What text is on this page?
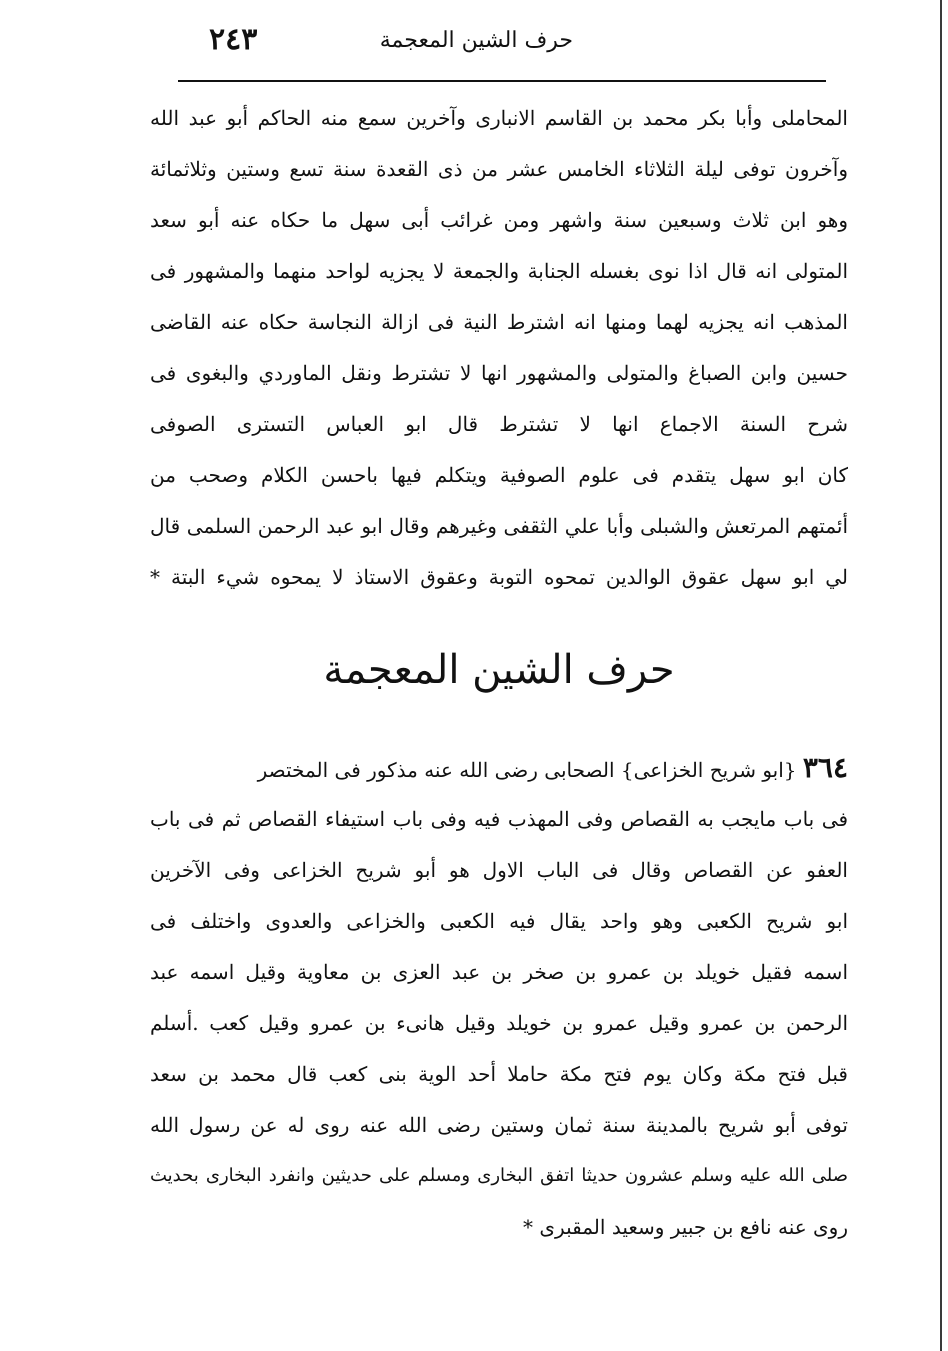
٢٤٣	حرف الشين المعجمة
المحاملى وأبا بكر محمد بن القاسم الانبارى وآخرين سمع منه الحاكم أبو عبد الله
وآخرون توفى ليلة الثلاثاء الخامس عشر من ذى القعدة سنة تسع وستين وثلاثمائة
وهو ابن ثلاث وسبعين سنة واشهر ومن غرائب أبى سهل ما حكاه عنه أبو سعد
المتولى انه قال اذا نوى بغسله الجنابة والجمعة لا يجزيه لواحد منهما والمشهور فى
المذهب انه يجزيه لهما ومنها انه اشترط النية فى ازالة النجاسة حكاه عنه القاضى
حسين وابن الصباغ والمتولى والمشهور انها لا تشترط ونقل الماوردي والبغوى فى
شرح السنة الاجماع انها لا تشترط قال ابو العباس التسترى الصوفى
كان ابو سهل يتقدم فى علوم الصوفية ويتكلم فيها باحسن الكلام وصحب من
أئمتهم المرتعش والشبلى وأبا علي الثقفى وغيرهم وقال ابو عبد الرحمن السلمى قال
لي ابو سهل عقوق الوالدين تمحوه التوبة وعقوق الاستاذ لا يمحوه شيء البتة *
حرف الشين المعجمة
٣٦٤ {ابو شريح الخزاعى} الصحابى رضى الله عنه مذكور فى المختصر
فى باب مايجب به القصاص وفى المهذب فيه وفى باب استيفاء القصاص ثم فى باب
العفو عن القصاص وقال فى الباب الاول هو أبو شريح الخزاعى وفى الآخرين
ابو شريح الكعبى وهو واحد يقال فيه الكعبى والخزاعى والعدوى واختلف فى
اسمه فقيل خويلد بن عمرو بن صخر بن عبد العزى بن معاوية وقيل اسمه عبد
الرحمن بن عمرو وقيل عمرو بن خويلد وقيل هانىء بن عمرو وقيل كعب .أسلم
قبل فتح مكة وكان يوم فتح مكة حاملا أحد الوية بنى كعب قال محمد بن سعد
توفى أبو شريح بالمدينة سنة ثمان وستين رضى الله عنه روى له عن رسول الله
صلى الله عليه وسلم عشرون حديثا اتفق البخارى ومسلم على حديثين وانفرد البخارى بحديث
روى عنه نافع بن جبير وسعيد المقبرى *
